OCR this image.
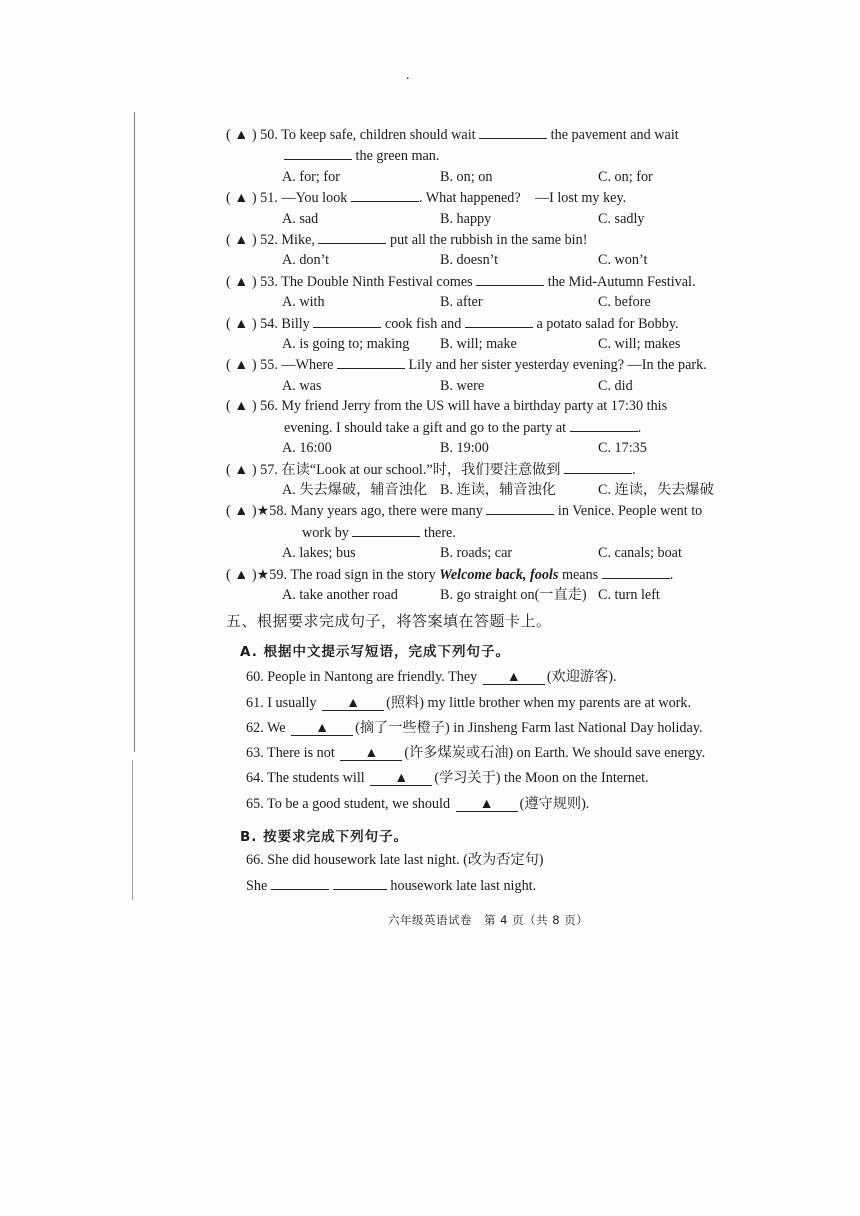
.
( ▲ ) 50. To keep safe, children should wait	the pavement and wait
the green man.
A. for; for	B. on; on	C. on; for
( ▲ ) 51. —You look	. What happened?　—I lost my key.
A. sad	B. happy	C. sadly
( ▲ ) 52. Mike,	put all the rubbish in the same bin!
A. don’t	B. doesn’t	C. won’t
( ▲ ) 53. The Double Ninth Festival comes	the Mid-Autumn Festival.
A. with	B. after	C. before
( ▲ ) 54. Billy	cook fish and	a potato salad for Bobby.
A. is going to; making	B. will; make	C. will; makes
( ▲ ) 55. —Where	Lily and her sister yesterday evening? —In the park.
A. was	B. were	C. did
( ▲ ) 56. My friend Jerry from the US will have a birthday party at 17:30 this
evening. I should take a gift and go to the party at	.
A. 16:00	B. 19:00	C. 17:35
( ▲ ) 57. 在读“Look at our school.”时，我们要注意做到	.
A. 失去爆破，辅音浊化 B. 连读，辅音浊化	C. 连读，失去爆破
( ▲ )★58. Many years ago, there were many	in Venice. People went to
work by	there.
A. lakes; bus	B. roads; car	C. canals; boat
( ▲ )★59. The road sign in the story Welcome back, fools means	.
A. take another road	B. go straight on(一直走) C. turn left
五、根据要求完成句子，将答案填在答题卡上。
A. 根据中文提示写短语，完成下列句子。
60. People in Nantong are friendly. They ▲ (欢迎游客).
61. I usually ▲ (照料) my little brother when my parents are at work.
62. We ▲ (摘了一些橙子) in Jinsheng Farm last National Day holiday.
63. There is not ▲ (许多煤炭或石油) on Earth. We should save energy.
64. The students will ▲ (学习关于) the Moon on the Internet.
65. To be a good student, we should ▲ (遵守规则).
B. 按要求完成下列句子。
66. She did housework late last night. (改为否定句)
She	housework late last night.
六年级英语试卷　第 4 页（共 8 页）
